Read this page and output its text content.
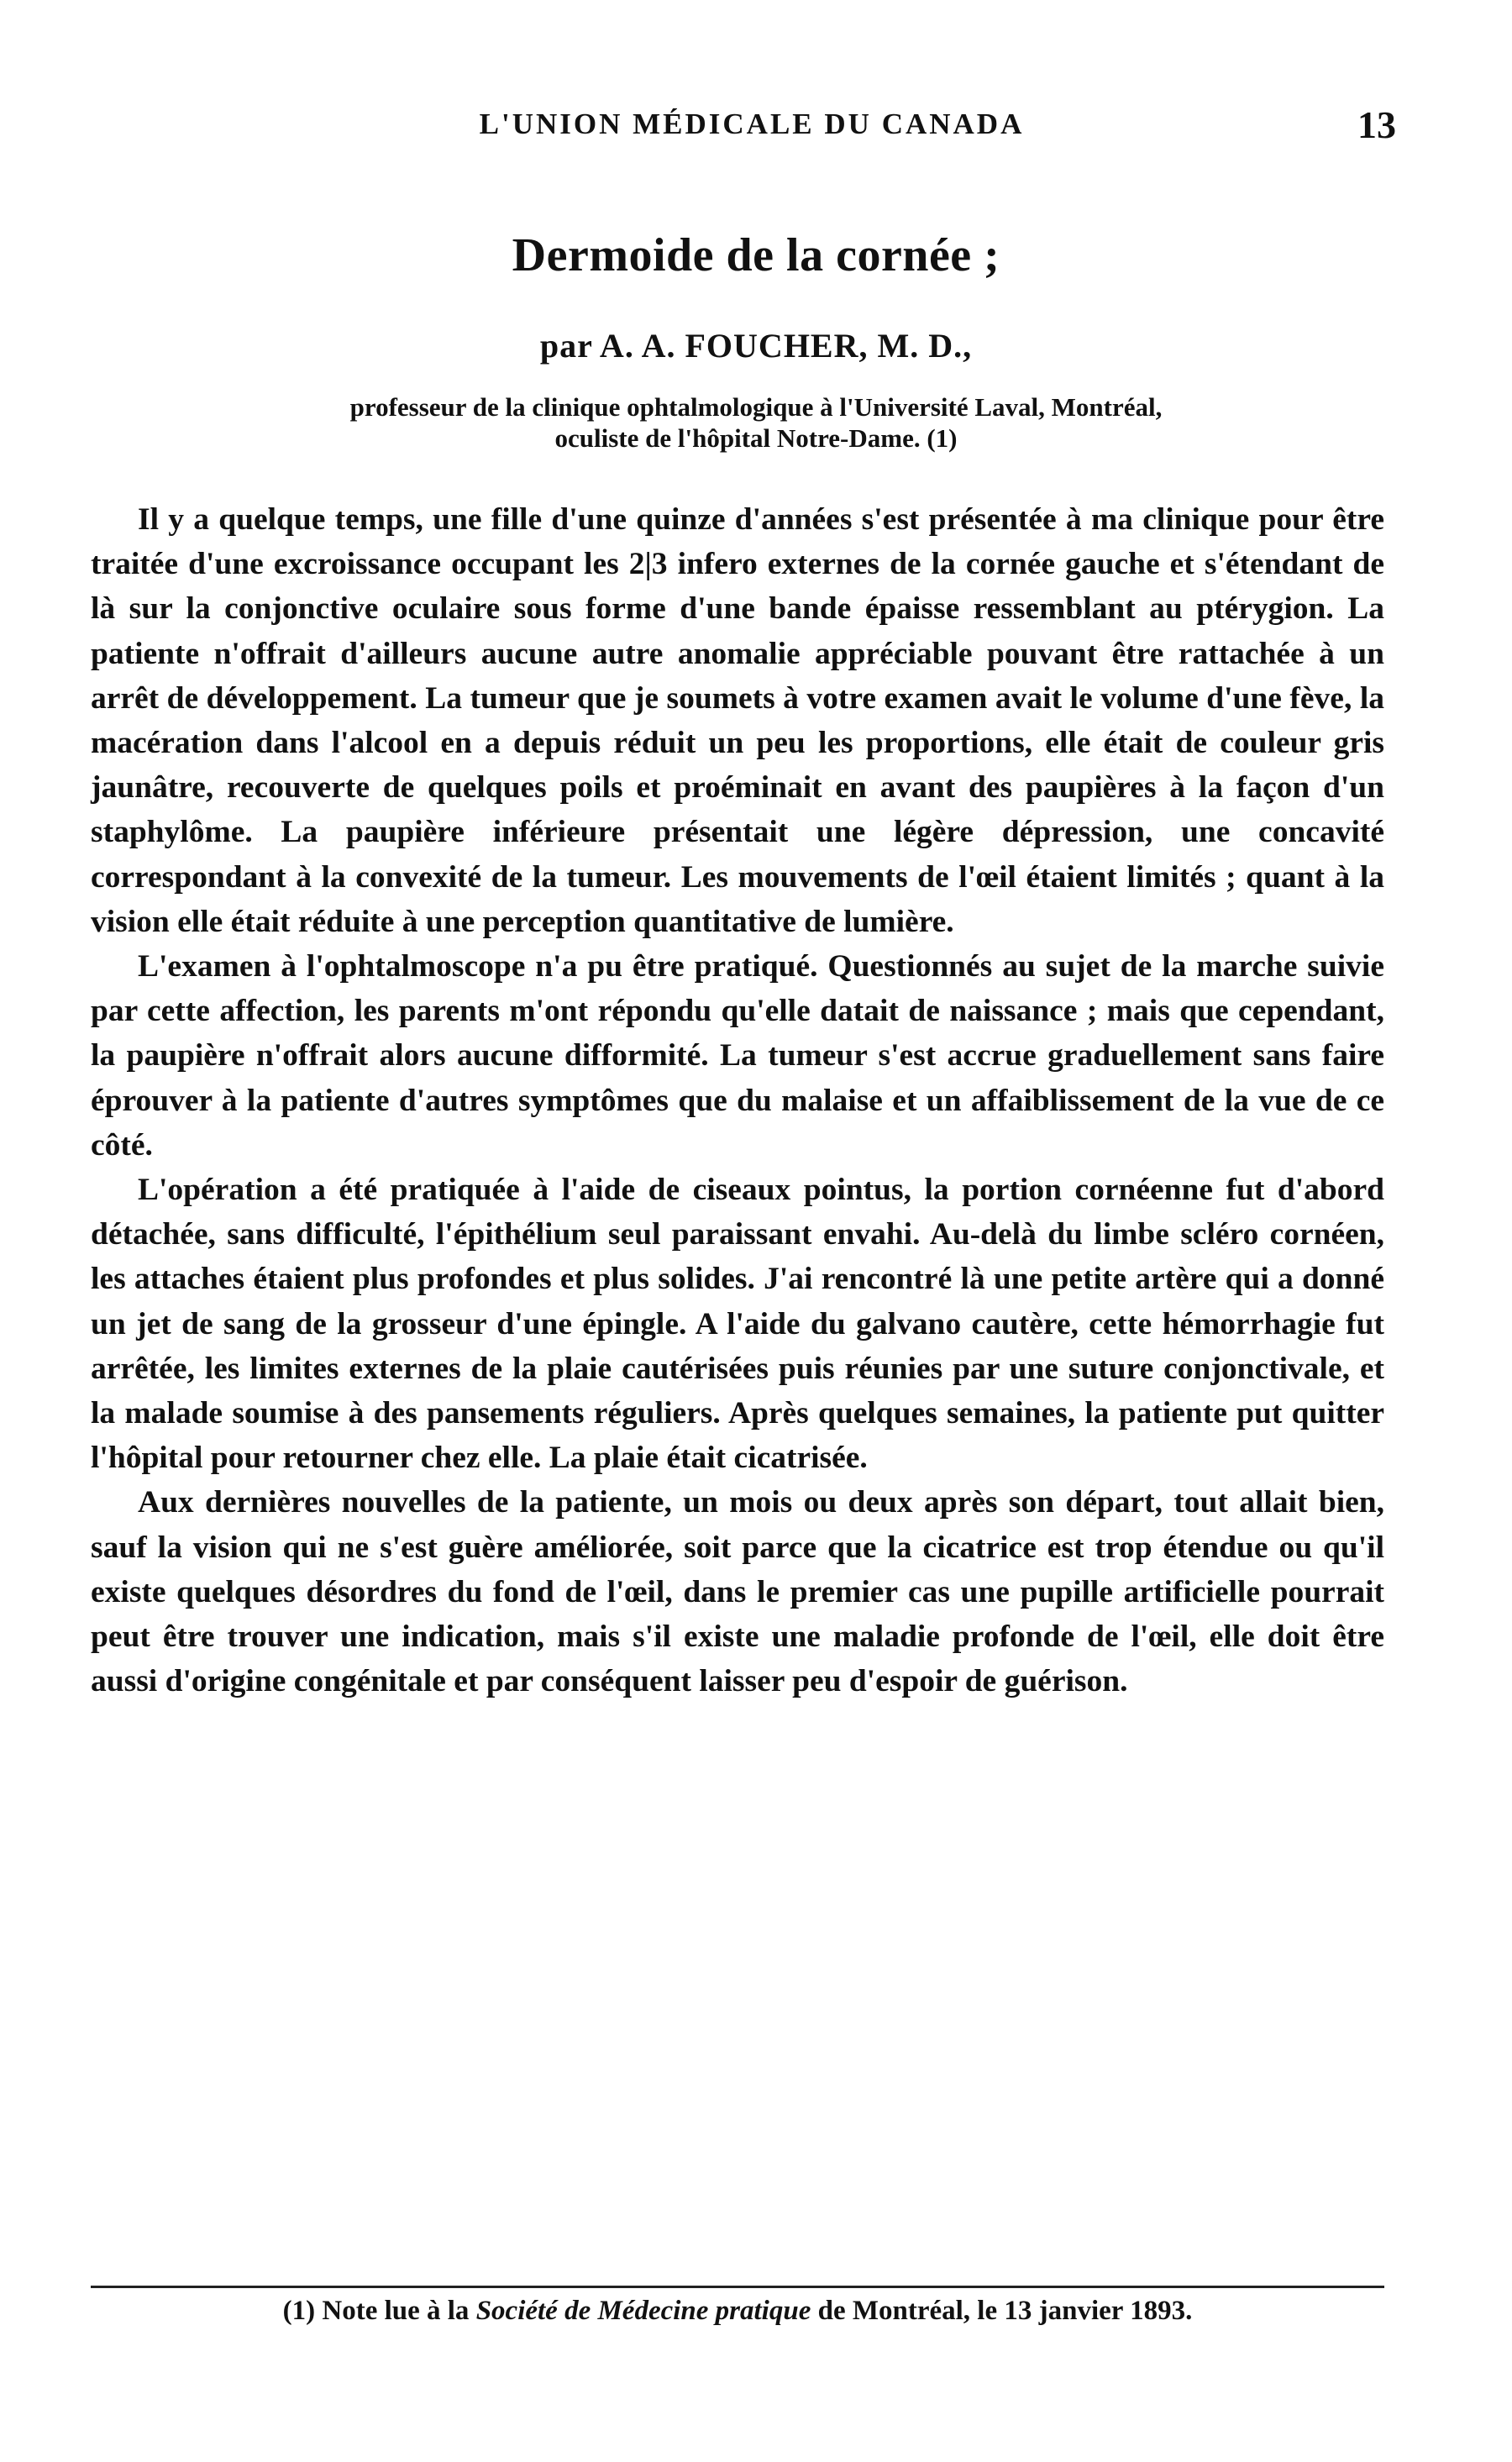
L'UNION MÉDICALE DU CANADA	13
Dermoide de la cornée ;
par A. A. FOUCHER, M. D.,
professeur de la clinique ophtalmologique à l'Université Laval, Montréal,
oculiste de l'hôpital Notre-Dame. (1)

Il y a quelque temps, une fille d'une quinze d'années s'est présentée à ma clinique pour être traitée d'une excroissance occupant les 2|3 infero externes de la cornée gauche et s'étendant de là sur la conjonctive oculaire sous forme d'une bande épaisse ressemblant au ptérygion. La patiente n'offrait d'ailleurs aucune autre anomalie appréciable pouvant être rattachée à un arrêt de développement. La tumeur que je soumets à votre examen avait le volume d'une fève, la macération dans l'alcool en a depuis réduit un peu les proportions, elle était de couleur gris jaunâtre, recouverte de quelques poils et proéminait en avant des paupières à la façon d'un staphylôme. La paupière inférieure présentait une légère dépression, une concavité correspondant à la convexité de la tumeur. Les mouvements de l'œil étaient limités ; quant à la vision elle était réduite à une perception quantitative de lumière.

L'examen à l'ophtalmoscope n'a pu être pratiqué. Questionnés au sujet de la marche suivie par cette affection, les parents m'ont répondu qu'elle datait de naissance ; mais que cependant, la paupière n'offrait alors aucune difformité. La tumeur s'est accrue graduellement sans faire éprouver à la patiente d'autres symptômes que du malaise et un affaiblissement de la vue de ce côté.

L'opération a été pratiquée à l'aide de ciseaux pointus, la portion cornéenne fut d'abord détachée, sans difficulté, l'épithélium seul paraissant envahi. Au-delà du limbe scléro cornéen, les attaches étaient plus profondes et plus solides. J'ai rencontré là une petite artère qui a donné un jet de sang de la grosseur d'une épingle. A l'aide du galvano cautère, cette hémorrhagie fut arrêtée, les limites externes de la plaie cautérisées puis réunies par une suture conjonctivale, et la malade soumise à des pansements réguliers. Après quelques semaines, la patiente put quitter l'hôpital pour retourner chez elle. La plaie était cicatrisée.

Aux dernières nouvelles de la patiente, un mois ou deux après son départ, tout allait bien, sauf la vision qui ne s'est guère améliorée, soit parce que la cicatrice est trop étendue ou qu'il existe quelques désordres du fond de l'œil, dans le premier cas une pupille artificielle pourrait peut être trouver une indication, mais s'il existe une maladie profonde de l'œil, elle doit être aussi d'origine congénitale et par conséquent laisser peu d'espoir de guérison.

(1) Note lue à la Société de Médecine pratique de Montréal, le 13 janvier 1893.
